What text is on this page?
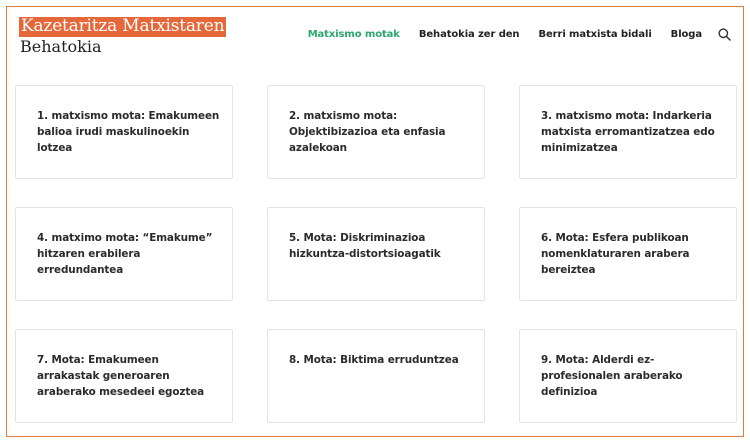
Kazetaritza Matxistaren
Behatokia
Matxismo motak Behatokia zer den Berri matxista bidali Bloga
1. matxismo mota: Emakumeen balioa irudi maskulinoekin lotzea
2. matxismo mota: Objektibizazioa eta enfasia azalekoan
3. matxismo mota: Indarkeria matxista erromantizatzea edo minimizatzea
4. matximo mota: “Emakume” hitzaren erabilera erredundantea
5. Mota: Diskriminazioa hizkuntza-distortsioagatik
6. Mota: Esfera publikoan nomenklaturaren arabera bereiztea
7. Mota: Emakumeen arrakastak generoaren araberako mesedeei egoztea
8. Mota: Biktima erruduntzea	9. Mota: Alderdi ez-profesionalen araberako definizioa
